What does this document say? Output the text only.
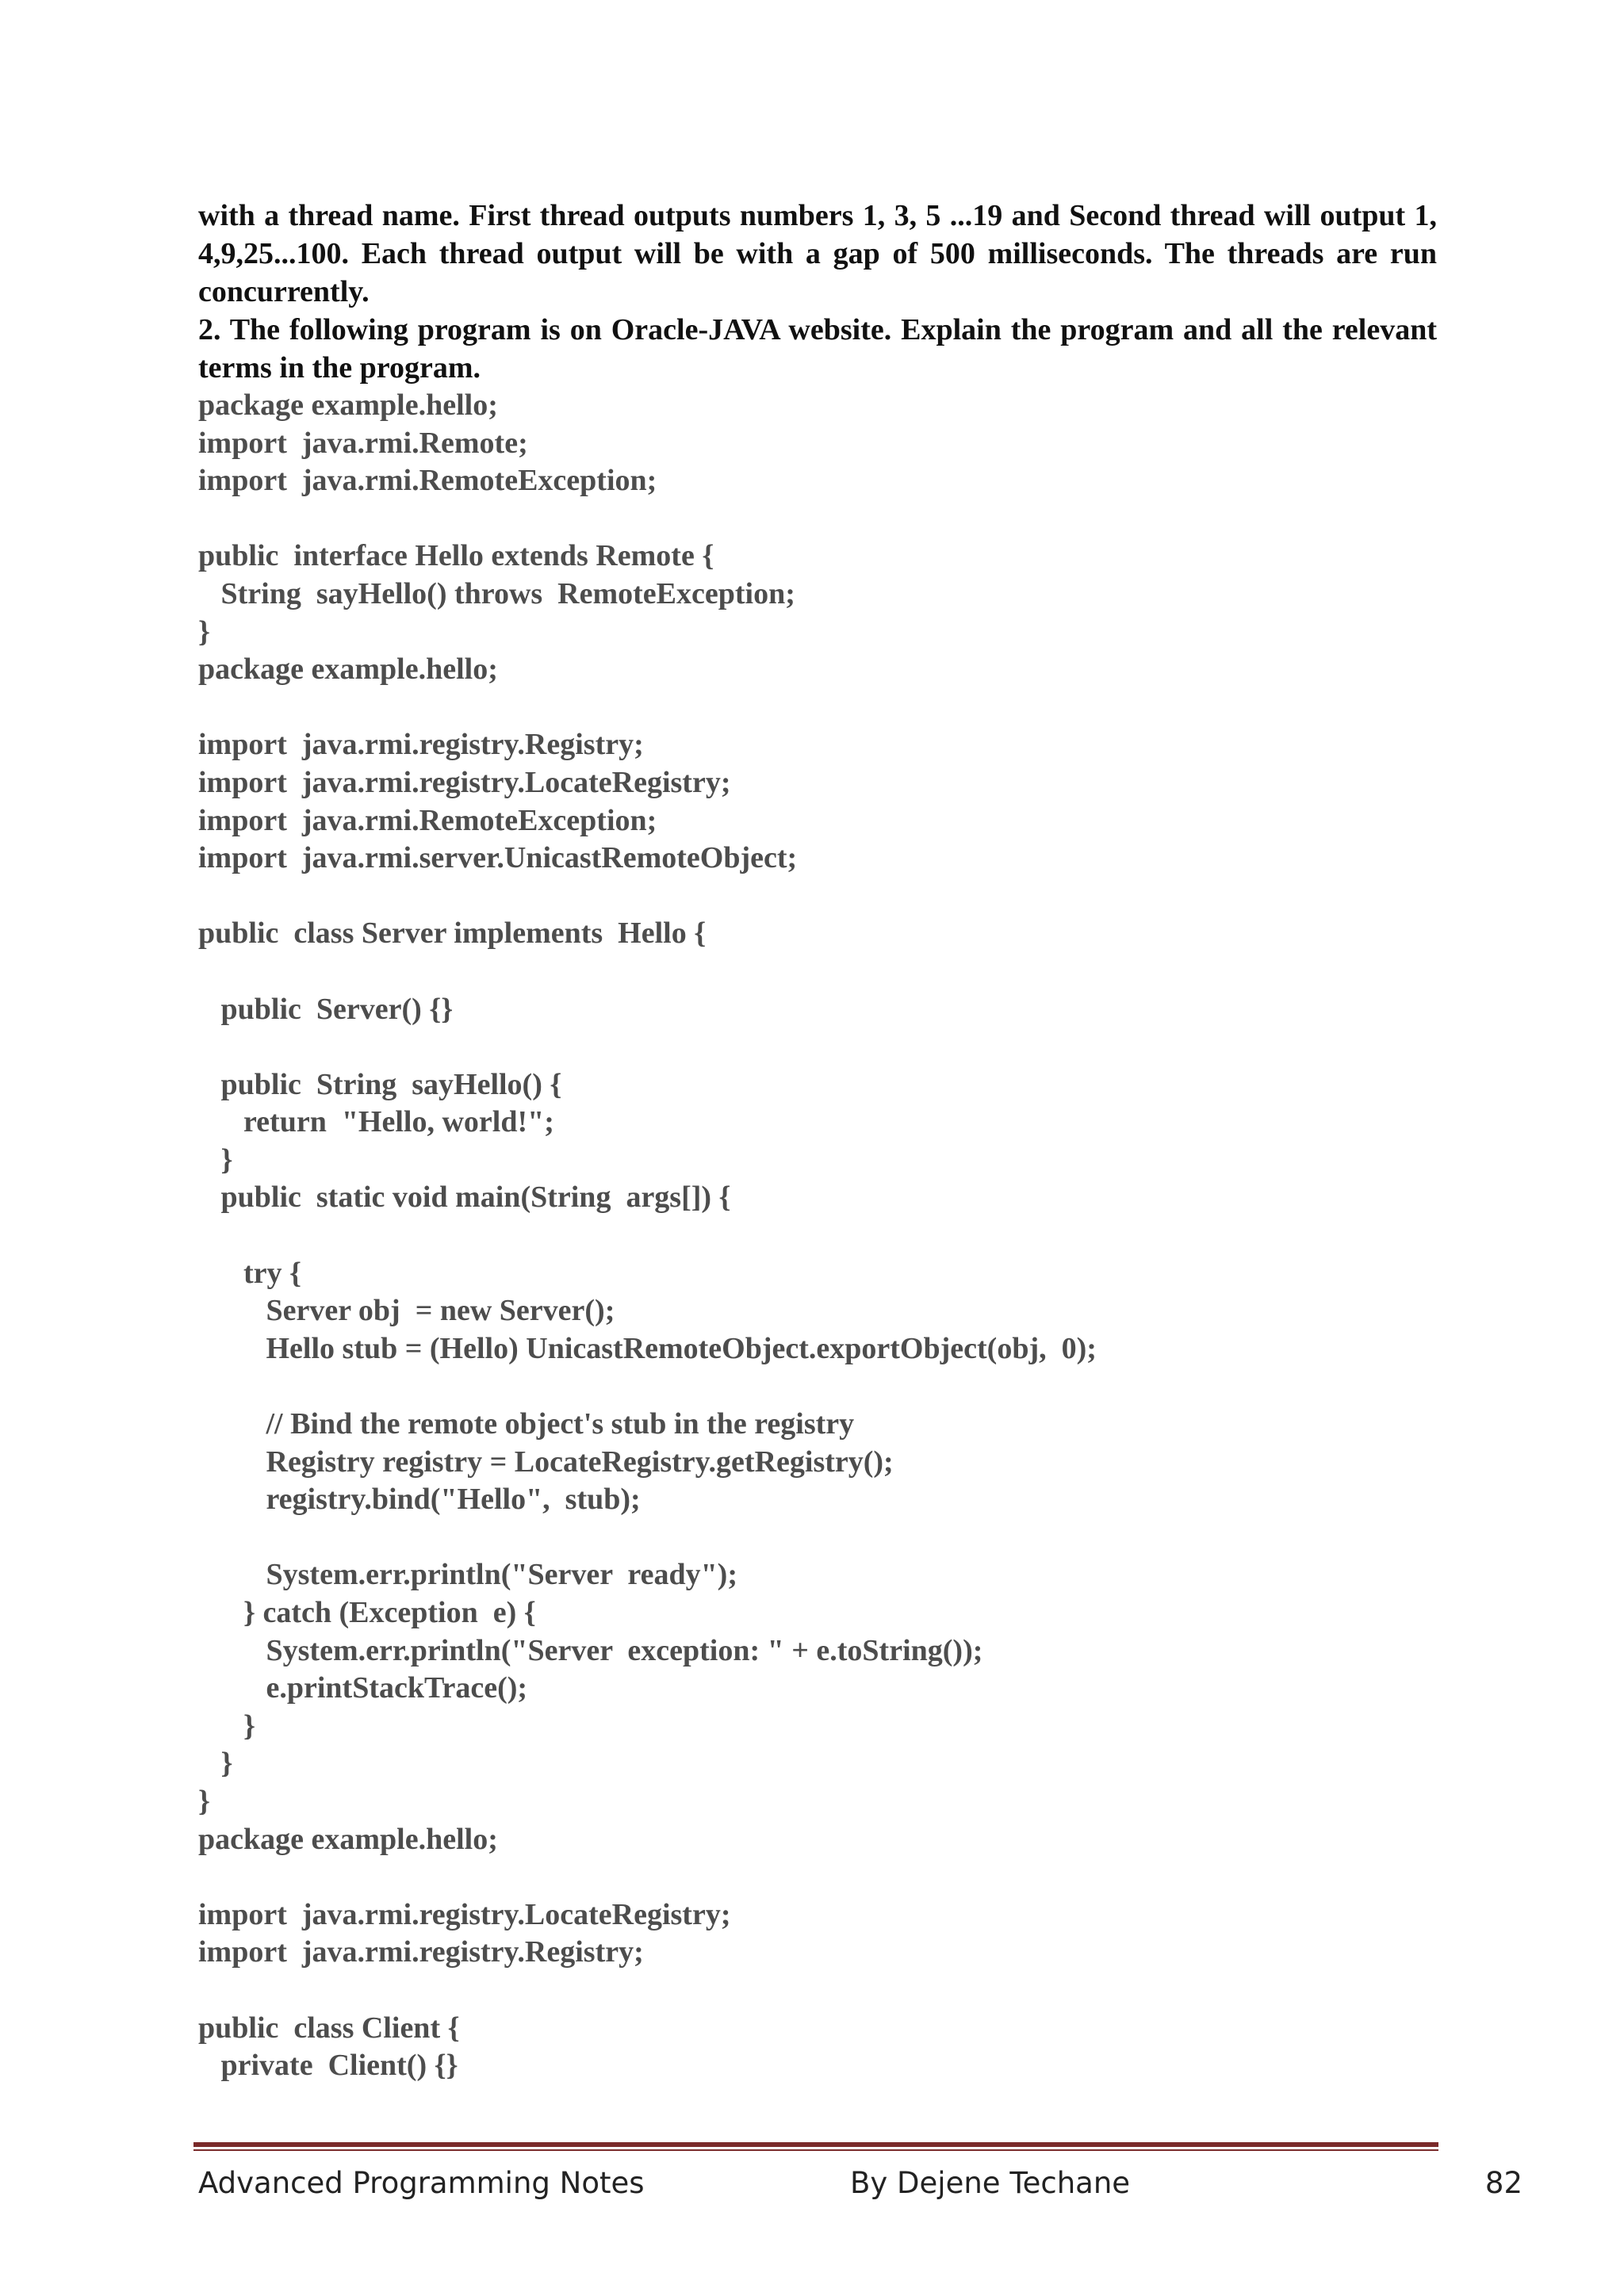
with a thread name. First thread outputs numbers 1, 3, 5 ...19 and Second thread will output 1, 4,9,25...100. Each thread output will be with a gap of 500 milliseconds. The threads are run concurrently.

2. The following program is on Oracle-JAVA website. Explain the program and all the relevant terms in the program.

package example.hello;
import  java.rmi.Remote;
import  java.rmi.RemoteException;
public  interface Hello extends Remote {
String  sayHello() throws  RemoteException;
}
package example.hello;
import  java.rmi.registry.Registry;
import  java.rmi.registry.LocateRegistry;
import  java.rmi.RemoteException;
import  java.rmi.server.UnicastRemoteObject;
public  class Server implements  Hello {
public  Server() {}
public  String  sayHello() {
return  "Hello, world!";
}
public  static void main(String  args[]) {
try {
Server obj  = new Server();
Hello stub = (Hello) UnicastRemoteObject.exportObject(obj,  0);
// Bind the remote object's stub in the registry
Registry registry = LocateRegistry.getRegistry();
registry.bind("Hello",  stub);
System.err.println("Server  ready");
} catch (Exception  e) {
System.err.println("Server  exception: " + e.toString());
e.printStackTrace();
}
}
}
package example.hello;
import  java.rmi.registry.LocateRegistry;
import  java.rmi.registry.Registry;
public  class Client {
private  Client() {}
Advanced Programming Notes	By Dejene Techane	82
